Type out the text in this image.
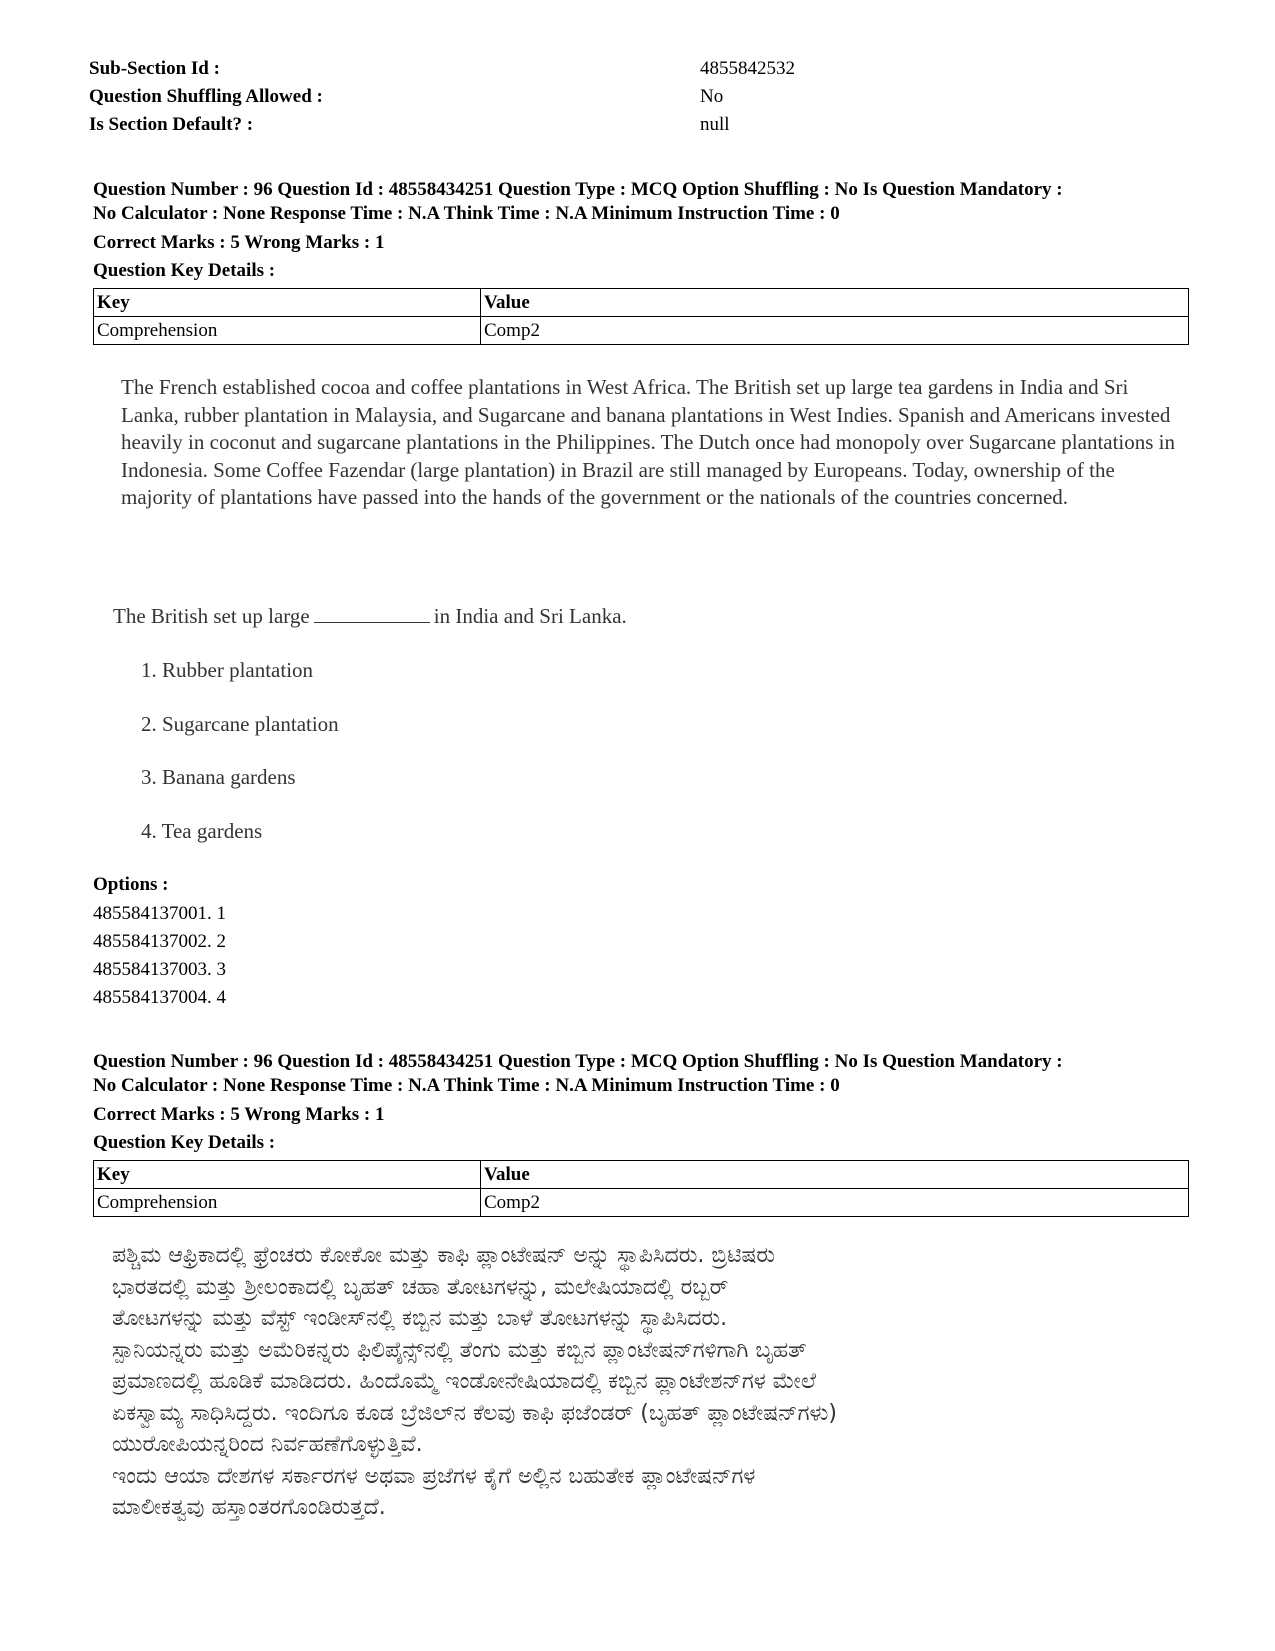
Sub-Section Id :	4855842532
Question Shuffling Allowed :	No
Is Section Default? :	null
Question Number : 96 Question Id : 48558434251 Question Type : MCQ Option Shuffling : No Is Question Mandatory :
No Calculator : None Response Time : N.A Think Time : N.A Minimum Instruction Time : 0
Correct Marks : 5 Wrong Marks : 1
Question Key Details :
Key	Value
Comprehension	Comp2
The French established cocoa and coffee plantations in West Africa. The British set up large tea gardens in India and Sri Lanka, rubber plantation in Malaysia, and Sugarcane and banana plantations in West Indies. Spanish and Americans invested heavily in coconut and sugarcane plantations in the Philippines. The Dutch once had monopoly over Sugarcane plantations in Indonesia. Some Coffee Fazendar (large plantation) in Brazil are still managed by Europeans. Today, ownership of the majority of plantations have passed into the hands of the government or the nationals of the countries concerned.
The British set up large	in India and Sri Lanka.
1. Rubber plantation
2. Sugarcane plantation
3. Banana gardens
4. Tea gardens
Options :
485584137001. 1
485584137002. 2
485584137003. 3
485584137004. 4
Question Number : 96 Question Id : 48558434251 Question Type : MCQ Option Shuffling : No Is Question Mandatory :
No Calculator : None Response Time : N.A Think Time : N.A Minimum Instruction Time : 0
Correct Marks : 5 Wrong Marks : 1
Question Key Details :
Key	Value
Comprehension	Comp2
ಪಶ್ಚಿಮ ಆಫ್ರಿಕಾದಲ್ಲಿ ಫ್ರೆಂಚರು ಕೋಕೋ ಮತ್ತು ಕಾಫಿ ಪ್ಲಾಂಟೇಷನ್ ಅನ್ನು ಸ್ಥಾಪಿಸಿದರು. ಬ್ರಿಟಿಷರು
ಭಾರತದಲ್ಲಿ ಮತ್ತು ಶ್ರೀಲಂಕಾದಲ್ಲಿ ಬೃಹತ್ ಚಹಾ ತೋಟಗಳನ್ನು, ಮಲೇಷಿಯಾದಲ್ಲಿ ರಬ್ಬರ್
ತೋಟಗಳನ್ನು ಮತ್ತು ವೆಸ್ಟ್ ಇಂಡೀಸ್‌ನಲ್ಲಿ ಕಬ್ಬಿನ ಮತ್ತು ಬಾಳೆ ತೋಟಗಳನ್ನು ಸ್ಥಾಪಿಸಿದರು.
ಸ್ಪಾನಿಯನ್ನರು ಮತ್ತು ಅಮೆರಿಕನ್ನರು ಫಿಲಿಪೈನ್ಸ್‌ನಲ್ಲಿ ತೆಂಗು ಮತ್ತು ಕಬ್ಬಿನ ಪ್ಲಾಂಟೇಷನ್‌ಗಳಿಗಾಗಿ ಬೃಹತ್
ಪ್ರಮಾಣದಲ್ಲಿ ಹೂಡಿಕೆ ಮಾಡಿದರು. ಹಿಂದೊಮ್ಮೆ ಇಂಡೋನೇಷಿಯಾದಲ್ಲಿ ಕಬ್ಬಿನ ಪ್ಲಾಂಟೇಶನ್‌ಗಳ ಮೇಲೆ
ಏಕಸ್ವಾಮ್ಯ ಸಾಧಿಸಿದ್ದರು. ಇಂದಿಗೂ ಕೂಡ ಬ್ರೆಜಿಲ್‌ನ ಕೆಲವು ಕಾಫಿ ಫಜೆಂಡರ್ (ಬೃಹತ್ ಪ್ಲಾಂಟೇಷನ್‌ಗಳು)
ಯುರೋಪಿಯನ್ನರಿಂದ ನಿರ್ವಹಣೆಗೊಳ್ಳುತ್ತಿವೆ.
ಇಂದು ಆಯಾ ದೇಶಗಳ ಸರ್ಕಾರಗಳ ಅಥವಾ ಪ್ರಜೆಗಳ ಕೈಗೆ ಅಲ್ಲಿನ ಬಹುತೇಕ ಪ್ಲಾಂಟೇಷನ್‌ಗಳ
ಮಾಲೀಕತ್ವವು ಹಸ್ತಾಂತರಗೊಂಡಿರುತ್ತದೆ.
